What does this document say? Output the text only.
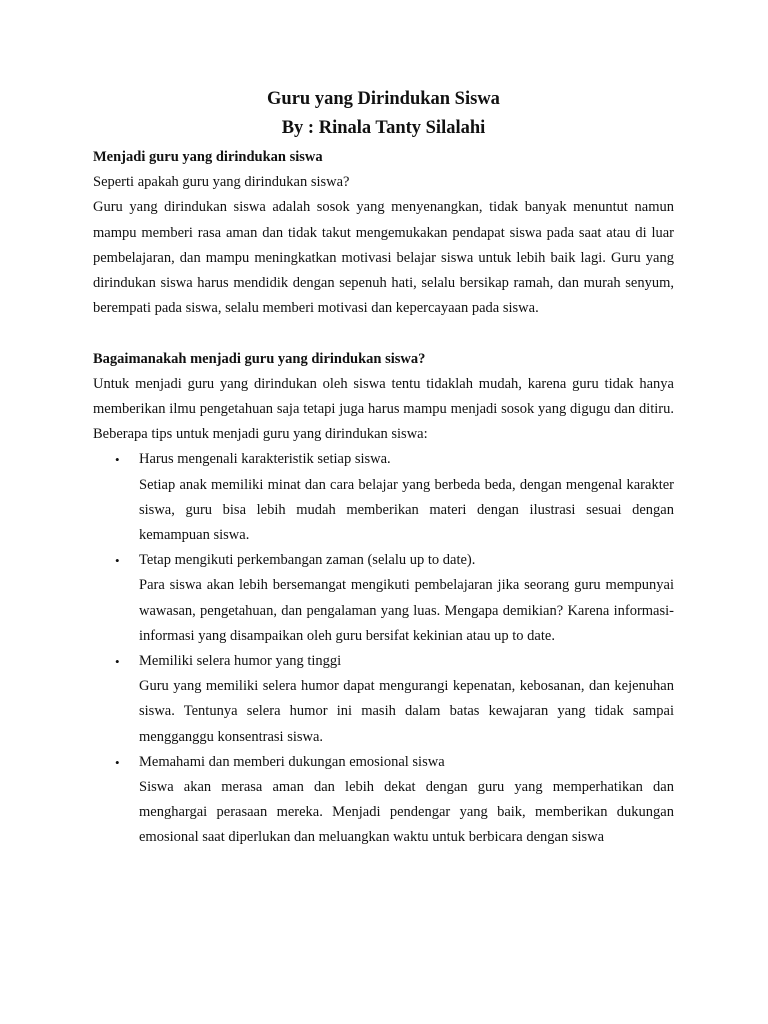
Guru yang Dirindukan Siswa
By : Rinala Tanty Silalahi

Menjadi guru yang dirindukan siswa

Seperti apakah guru yang dirindukan siswa?

Guru yang dirindukan siswa adalah sosok yang menyenangkan, tidak banyak menuntut namun mampu memberi rasa aman dan tidak takut mengemukakan pendapat siswa pada saat atau di luar pembelajaran, dan mampu meningkatkan motivasi belajar siswa untuk lebih baik lagi. Guru yang dirindukan siswa harus mendidik dengan sepenuh hati, selalu bersikap ramah, dan murah senyum, berempati pada siswa, selalu memberi motivasi dan kepercayaan pada siswa.

Bagaimanakah menjadi guru yang dirindukan siswa?

Untuk menjadi guru yang dirindukan oleh siswa tentu tidaklah mudah, karena guru tidak hanya memberikan ilmu pengetahuan saja tetapi juga harus mampu menjadi sosok yang digugu dan ditiru. Beberapa tips untuk menjadi guru yang dirindukan siswa:

• Harus mengenali karakteristik setiap siswa.

Setiap anak memiliki minat dan cara belajar yang berbeda beda, dengan mengenal karakter siswa, guru bisa lebih mudah memberikan materi dengan ilustrasi sesuai dengan kemampuan siswa.

• Tetap mengikuti perkembangan zaman (selalu up to date).

Para siswa akan lebih bersemangat mengikuti pembelajaran jika seorang guru mempunyai wawasan, pengetahuan, dan pengalaman yang luas. Mengapa demikian? Karena informasi-informasi yang disampaikan oleh guru bersifat kekinian atau up to date.

• Memiliki selera humor yang tinggi

Guru yang memiliki selera humor dapat mengurangi kepenatan, kebosanan, dan kejenuhan siswa. Tentunya selera humor ini masih dalam batas kewajaran yang tidak sampai mengganggu konsentrasi siswa.

• Memahami dan memberi dukungan emosional siswa

Siswa akan merasa aman dan lebih dekat dengan guru yang memperhatikan dan menghargai perasaan mereka. Menjadi pendengar yang baik, memberikan dukungan emosional saat diperlukan dan meluangkan waktu untuk berbicara dengan siswa
